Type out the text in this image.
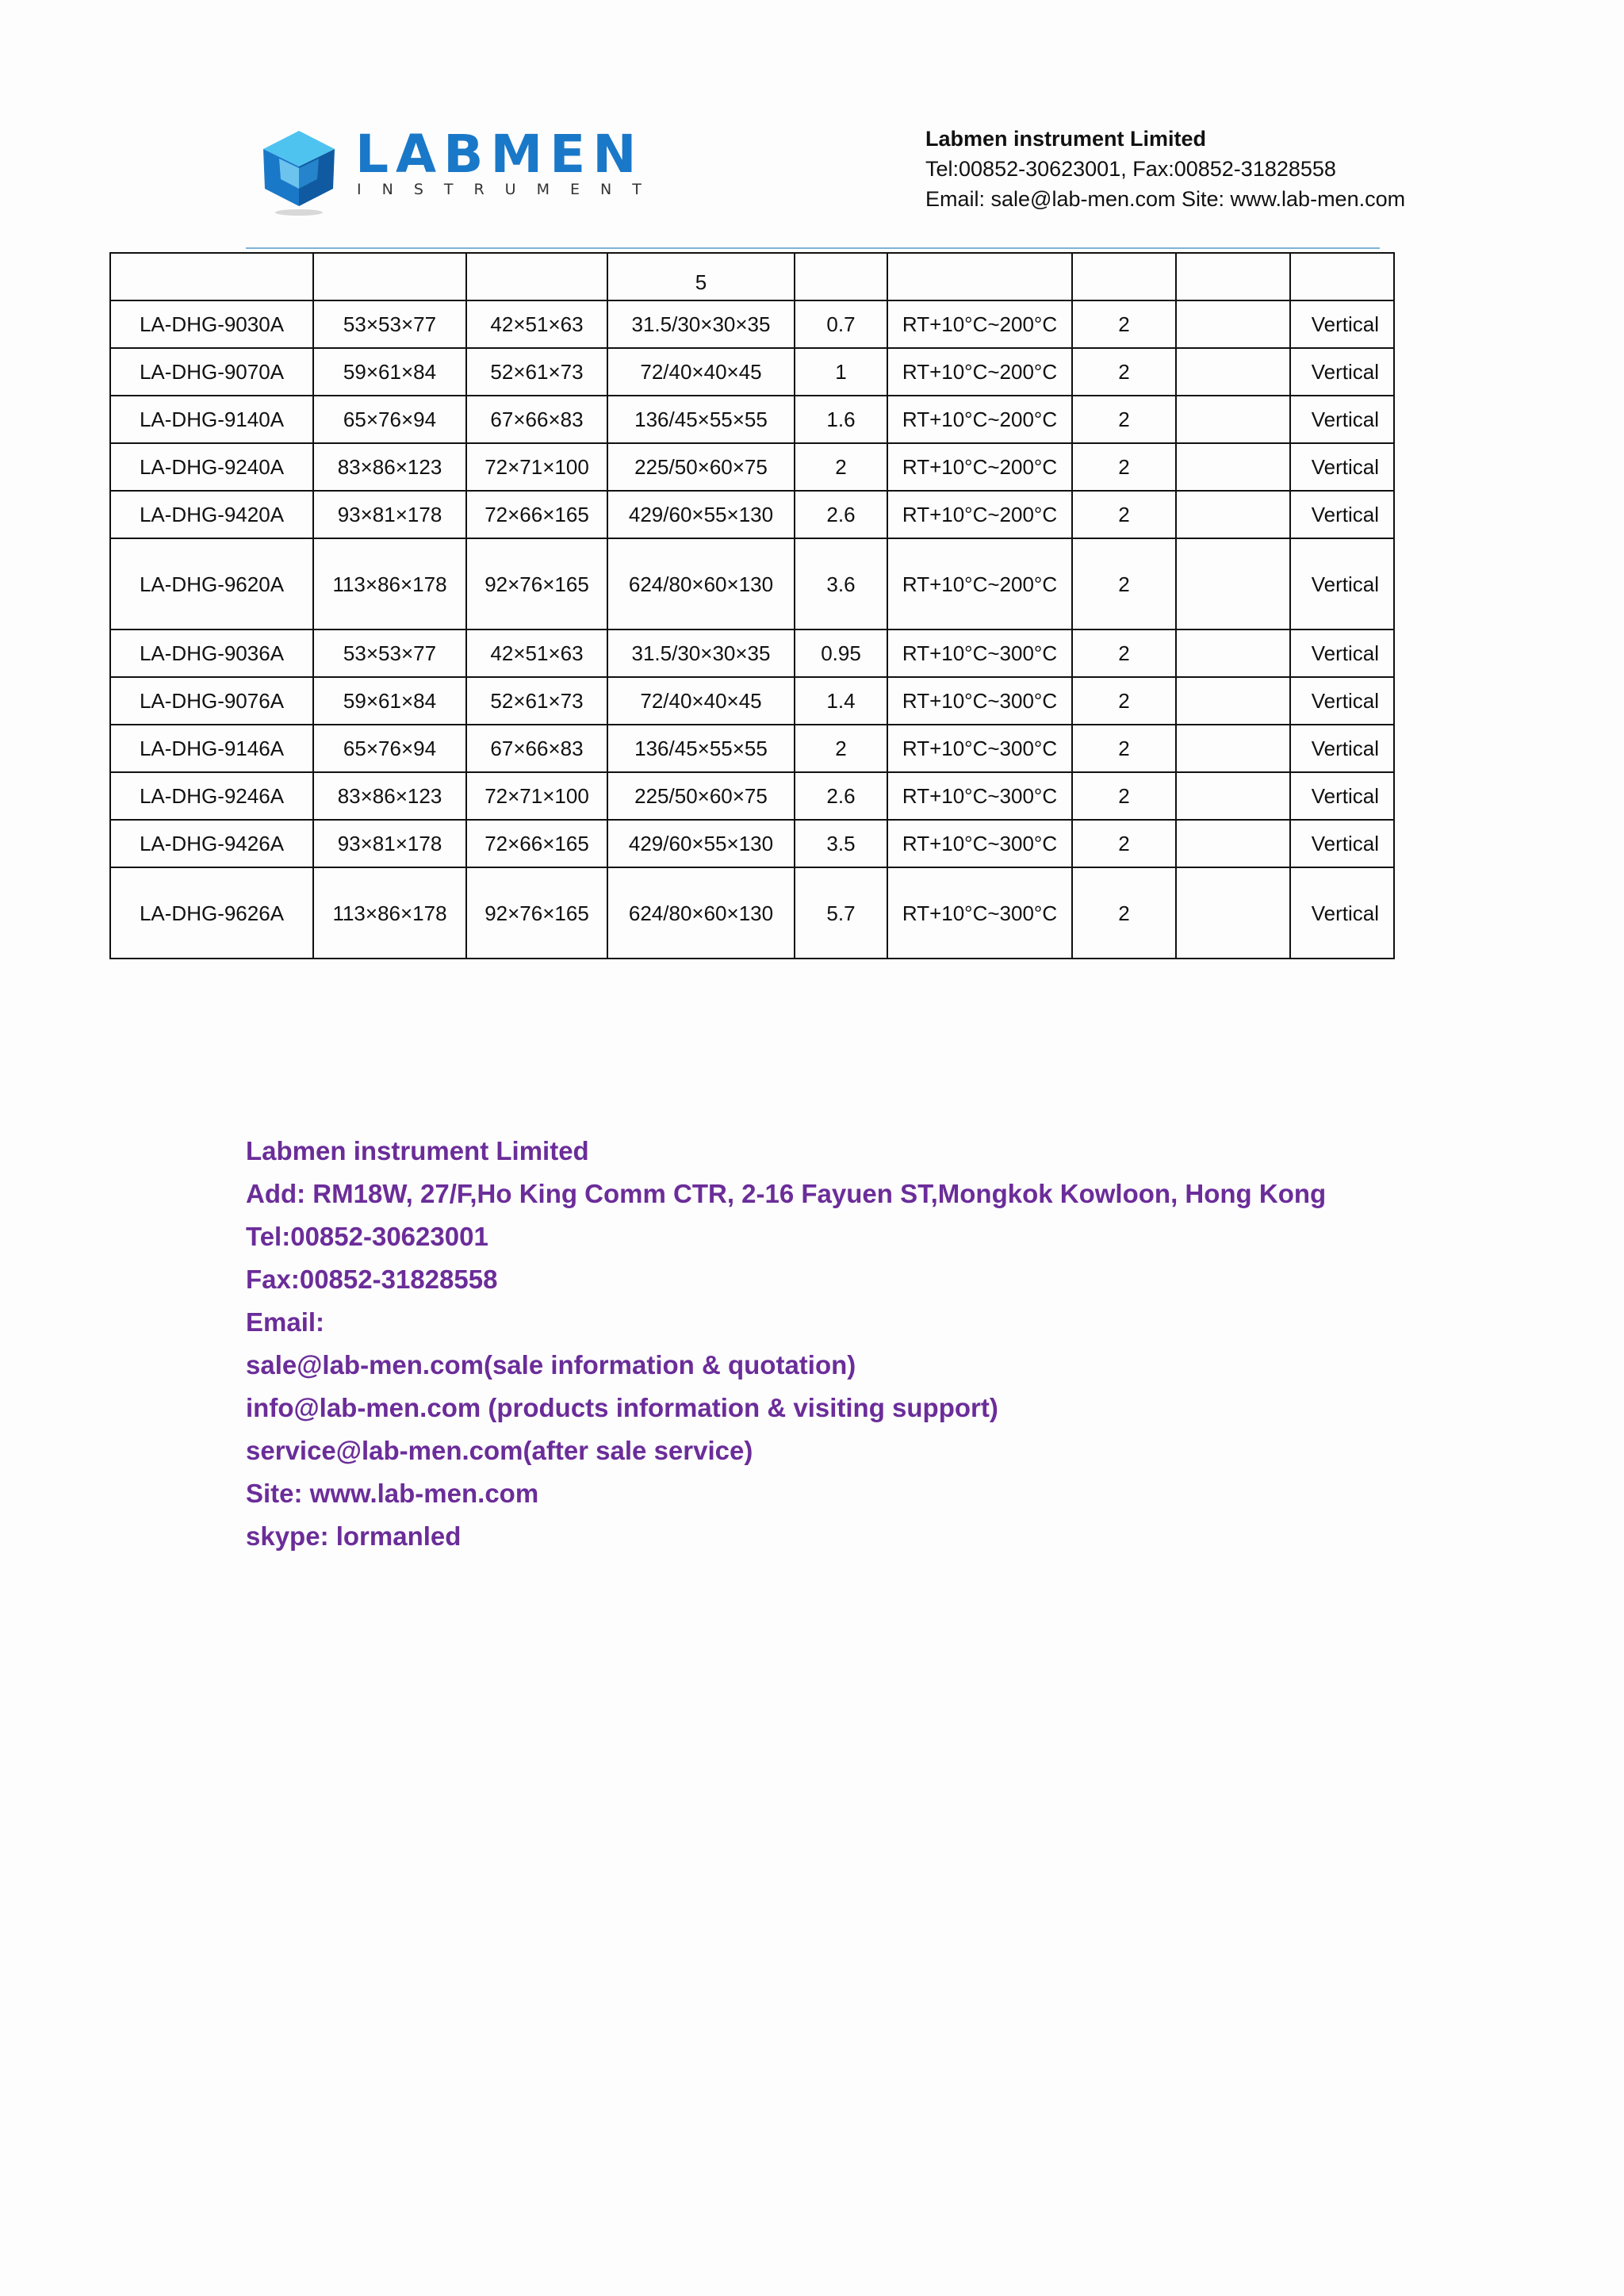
LABMEN
INSTRUMENT
Labmen instrument Limited
Tel:00852-30623001, Fax:00852-31828558
Email: sale@lab-men.com Site: www.lab-men.com
			5					
LA-DHG-9030A	53×53×77	42×51×63	31.5/30×30×35	0.7	RT+10°C~200°C	2		Vertical
LA-DHG-9070A	59×61×84	52×61×73	72/40×40×45	1	RT+10°C~200°C	2		Vertical
LA-DHG-9140A	65×76×94	67×66×83	136/45×55×55	1.6	RT+10°C~200°C	2		Vertical
LA-DHG-9240A	83×86×123	72×71×100	225/50×60×75	2	RT+10°C~200°C	2		Vertical
LA-DHG-9420A	93×81×178	72×66×165	429/60×55×130	2.6	RT+10°C~200°C	2		Vertical
LA-DHG-9620A	113×86×178	92×76×165	624/80×60×130	3.6	RT+10°C~200°C	2		Vertical
LA-DHG-9036A	53×53×77	42×51×63	31.5/30×30×35	0.95	RT+10°C~300°C	2		Vertical
LA-DHG-9076A	59×61×84	52×61×73	72/40×40×45	1.4	RT+10°C~300°C	2		Vertical
LA-DHG-9146A	65×76×94	67×66×83	136/45×55×55	2	RT+10°C~300°C	2		Vertical
LA-DHG-9246A	83×86×123	72×71×100	225/50×60×75	2.6	RT+10°C~300°C	2		Vertical
LA-DHG-9426A	93×81×178	72×66×165	429/60×55×130	3.5	RT+10°C~300°C	2		Vertical
LA-DHG-9626A	113×86×178	92×76×165	624/80×60×130	5.7	RT+10°C~300°C	2		Vertical
Labmen instrument Limited
Add: RM18W, 27/F,Ho King Comm CTR, 2-16 Fayuen ST,Mongkok Kowloon, Hong Kong
Tel:00852-30623001
Fax:00852-31828558
Email:
sale@lab-men.com(sale information & quotation)
info@lab-men.com (products information & visiting support)
service@lab-men.com(after sale service)
Site: www.lab-men.com
skype: lormanled
